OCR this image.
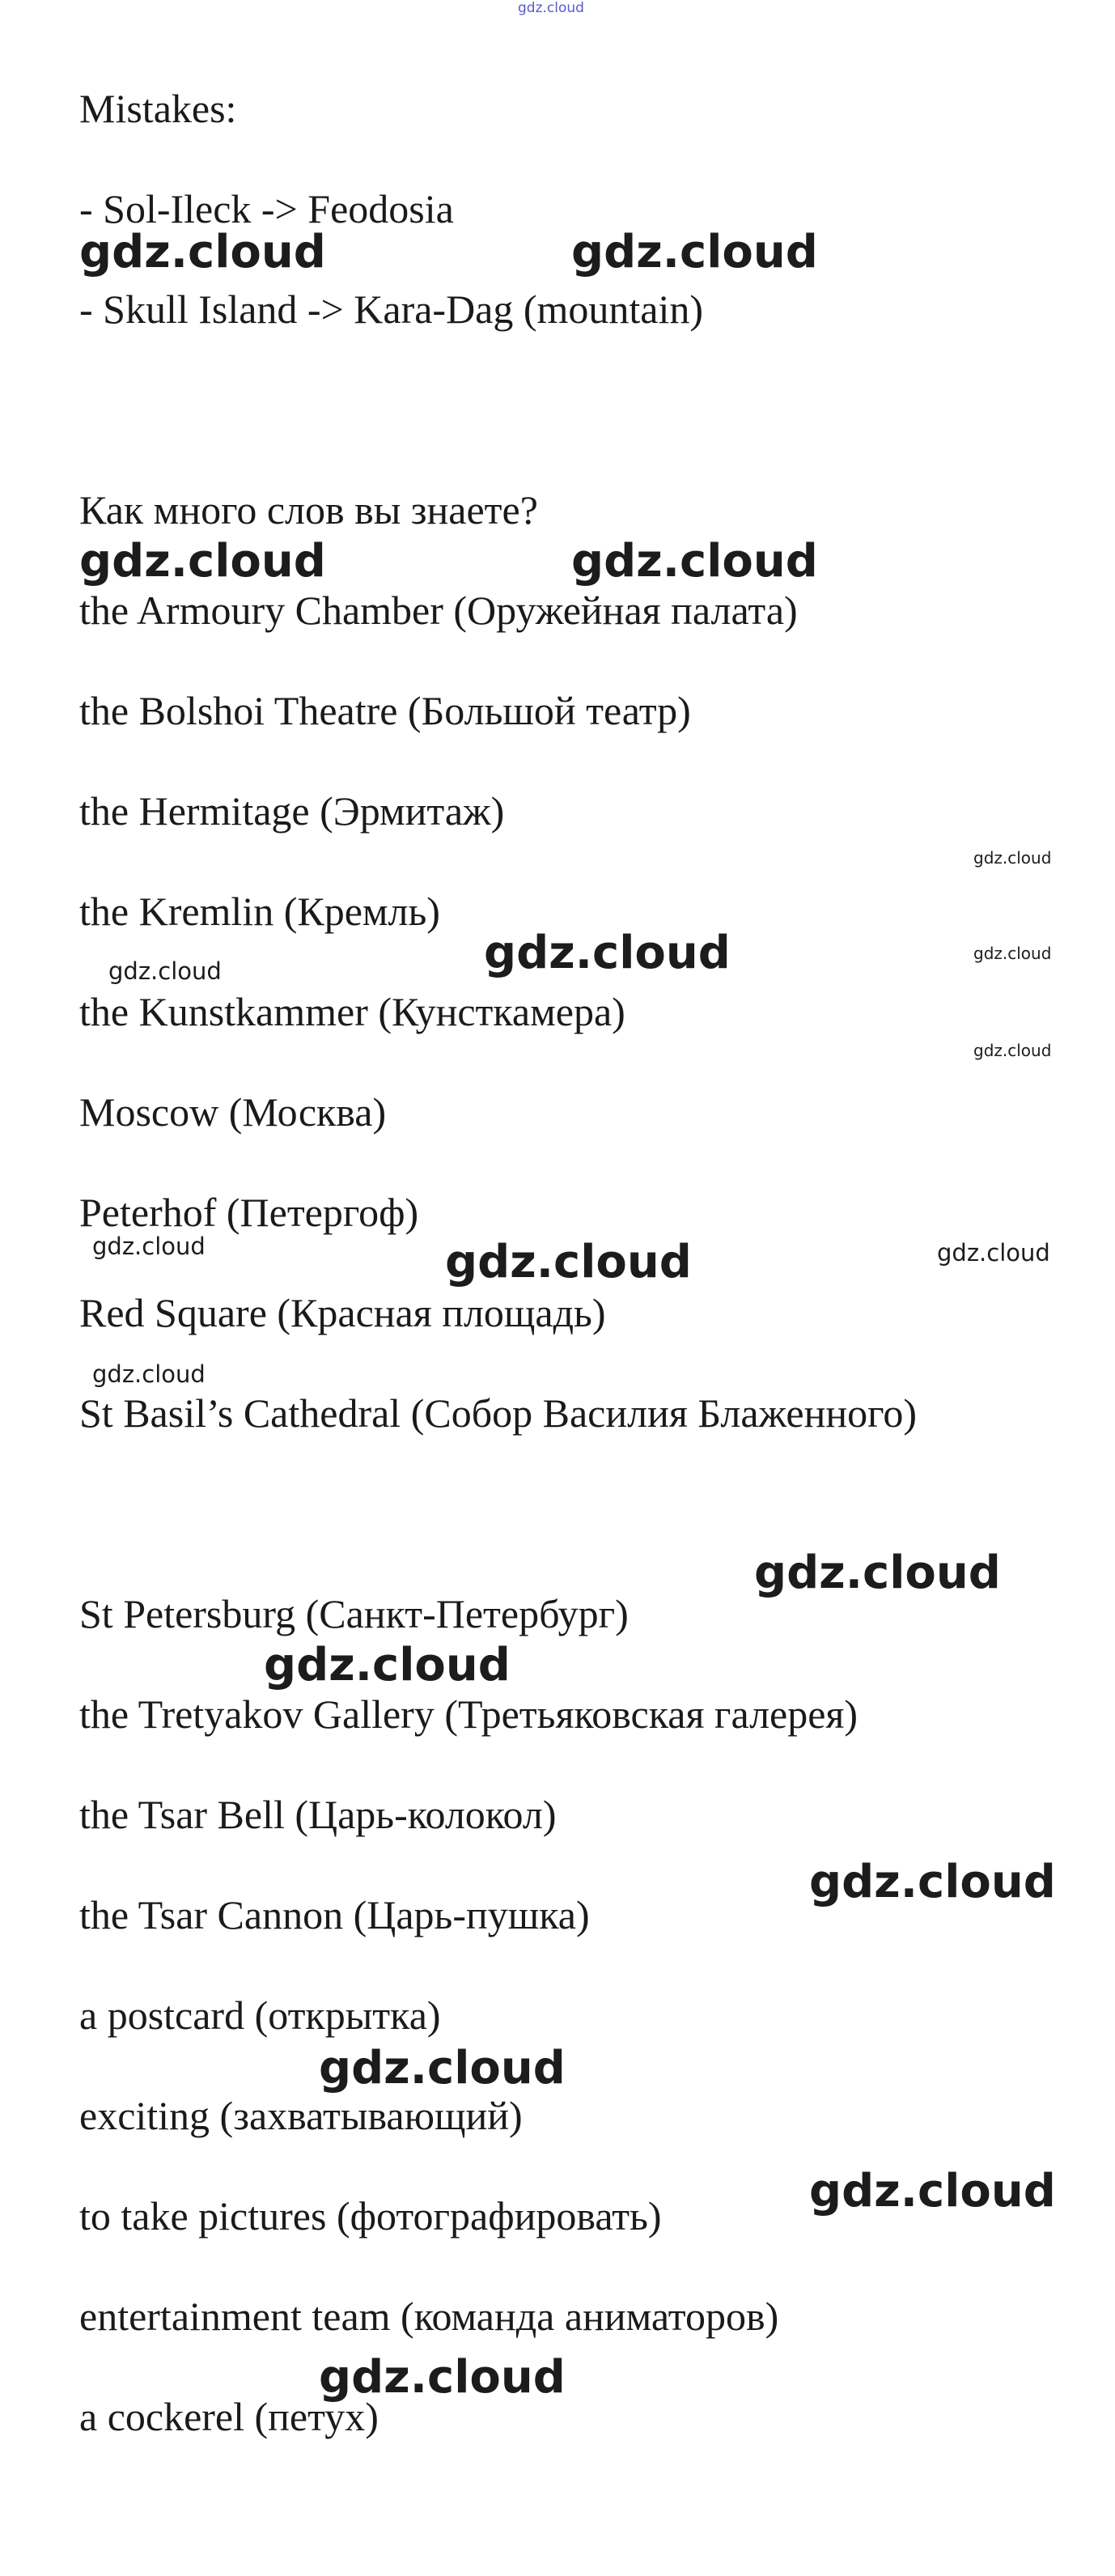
gdz.cloud
Mistakes:
- Sol-Ileck -> Feodosia
- Skull Island -> Kara-Dag (mountain)
Как много слов вы знаете?
the Armoury Chamber (Оружейная палата)
the Bolshoi Theatre (Большой театр)
the Hermitage (Эрмитаж)
the Kremlin (Кремль)
the Kunstkammer (Кунсткамера)
Moscow (Москва)
Peterhof (Петергоф)
Red Square (Красная площадь)
St Basil’s Cathedral (Собор Василия Блаженного)
St Petersburg (Санкт-Петербург)
the Tretyakov Gallery (Третьяковская галерея)
the Tsar Bell (Царь-колокол)
the Tsar Cannon (Царь-пушка)
a postcard (открытка)
exciting (захватывающий)
to take pictures (фотографировать)
entertainment team (команда аниматоров)
a cockerel (петух)
gdz.cloud	gdz.cloud
gdz.cloud	gdz.cloud
gdz.cloud
gdz.cloud	gdz.cloud
gdz.cloud
gdz.cloud
gdz.cloud	gdz.cloud	gdz.cloud
gdz.cloud
gdz.cloud
gdz.cloud
gdz.cloud
gdz.cloud
gdz.cloud
gdz.cloud
